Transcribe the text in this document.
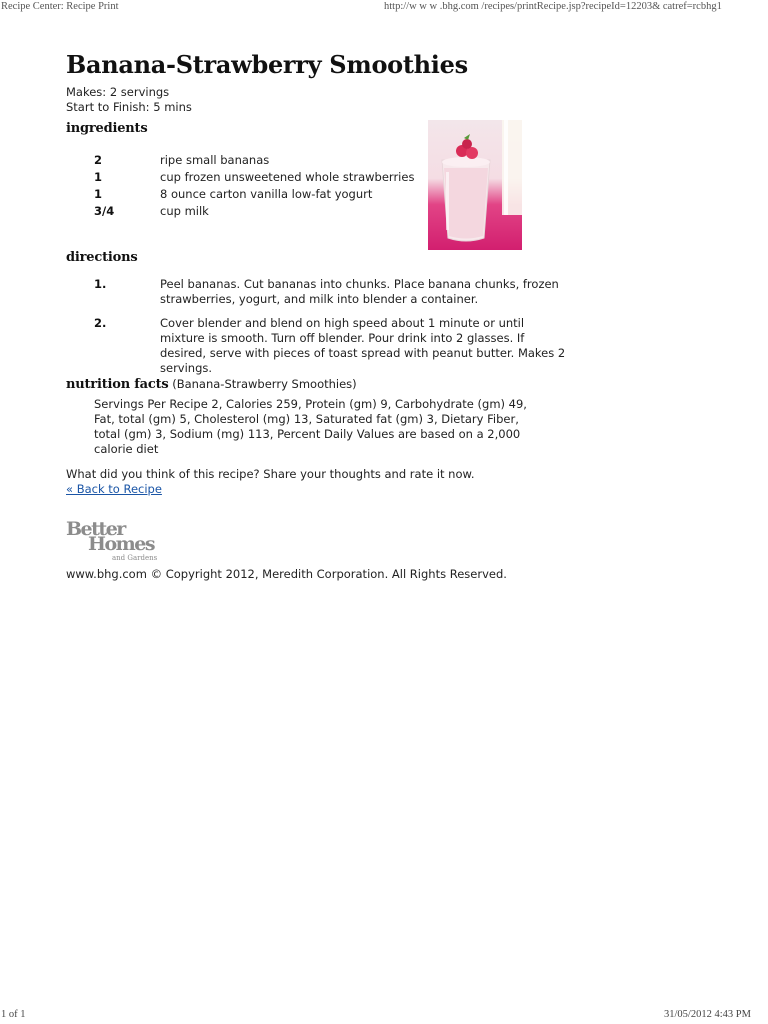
Recipe Center: Recipe Print	http://w w w .bhg.com /recipes/printRecipe.jsp?recipeId=12203& catref=rcbhg1
Banana-Strawberry Smoothies
Makes: 2 servings
Start to Finish: 5 mins
ingredients
2	ripe small bananas
1	cup frozen unsweetened whole strawberries
1	8 ounce carton vanilla low-fat yogurt
3/4	cup milk
directions
1.	Peel bananas. Cut bananas into chunks. Place banana chunks, frozen strawberries, yogurt, and milk into blender a container.
2.	Cover blender and blend on high speed about 1 minute or until mixture is smooth. Turn off blender. Pour drink into 2 glasses. If desired, serve with pieces of toast spread with peanut butter. Makes 2 servings.
nutrition facts (Banana-Strawberry Smoothies)
Servings Per Recipe 2, Calories 259, Protein (gm) 9, Carbohydrate (gm) 49, Fat, total (gm) 5, Cholesterol (mg) 13, Saturated fat (gm) 3, Dietary Fiber, total (gm) 3, Sodium (mg) 113, Percent Daily Values are based on a 2,000 calorie diet
What did you think of this recipe? Share your thoughts and rate it now.
« Back to Recipe
Better
Homes
and Gardens
www.bhg.com © Copyright 2012, Meredith Corporation. All Rights Reserved.
1 of 1	31/05/2012 4:43 PM
